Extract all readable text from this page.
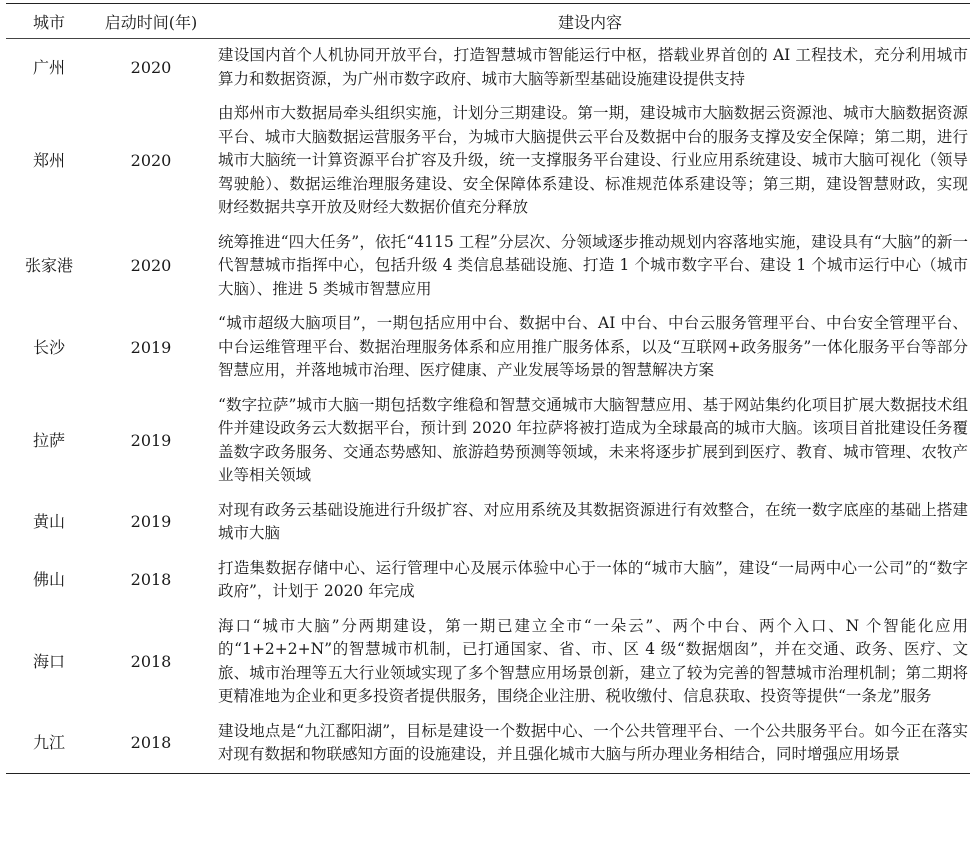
城市	启动时间(年)	建设内容
广州	2020	建设国内首个人机协同开放平台，打造智慧城市智能运行中枢，搭载业界首创的 AI 工程技术，充分利用城市算力和数据资源，为广州市数字政府、城市大脑等新型基础设施建设提供支持
郑州	2020	由郑州市大数据局牵头组织实施，计划分三期建设。第一期，建设城市大脑数据云资源池、城市大脑数据资源平台、城市大脑数据运营服务平台，为城市大脑提供云平台及数据中台的服务支撑及安全保障；第二期，进行城市大脑统一计算资源平台扩容及升级，统一支撑服务平台建设、行业应用系统建设、城市大脑可视化（领导驾驶舱）、数据运维治理服务建设、安全保障体系建设、标准规范体系建设等；第三期，建设智慧财政，实现财经数据共享开放及财经大数据价值充分释放
张家港	2020	统筹推进“四大任务”，依托“4115 工程”分层次、分领域逐步推动规划内容落地实施，建设具有“大脑”的新一代智慧城市指挥中心，包括升级 4 类信息基础设施、打造 1 个城市数字平台、建设 1 个城市运行中心（城市大脑）、推进 5 类城市智慧应用
长沙	2019	“城市超级大脑项目”，一期包括应用中台、数据中台、AI 中台、中台云服务管理平台、中台安全管理平台、中台运维管理平台、数据治理服务体系和应用推广服务体系，以及“互联网+政务服务”一体化服务平台等部分智慧应用，并落地城市治理、医疗健康、产业发展等场景的智慧解决方案
拉萨	2019	“数字拉萨”城市大脑一期包括数字维稳和智慧交通城市大脑智慧应用、基于网站集约化项目扩展大数据技术组件并建设政务云大数据平台，预计到 2020 年拉萨将被打造成为全球最高的城市大脑。该项目首批建设任务覆盖数字政务服务、交通态势感知、旅游趋势预测等领域，未来将逐步扩展到到医疗、教育、城市管理、农牧产业等相关领域
黄山	2019	对现有政务云基础设施进行升级扩容、对应用系统及其数据资源进行有效整合，在统一数字底座的基础上搭建城市大脑
佛山	2018	打造集数据存储中心、运行管理中心及展示体验中心于一体的“城市大脑”，建设“一局两中心一公司”的“数字政府”，计划于 2020 年完成
海口	2018	海口“城市大脑”分两期建设，第一期已建立全市“一朵云”、两个中台、两个入口、N 个智能化应用的“1+2+2+N”的智慧城市机制，已打通国家、省、市、区 4 级“数据烟囱”，并在交通、政务、医疗、文旅、城市治理等五大行业领域实现了多个智慧应用场景创新，建立了较为完善的智慧城市治理机制；第二期将更精准地为企业和更多投资者提供服务，围绕企业注册、税收缴付、信息获取、投资等提供“一条龙”服务
九江	2018	建设地点是“九江鄱阳湖”，目标是建设一个数据中心、一个公共管理平台、一个公共服务平台。如今正在落实对现有数据和物联感知方面的设施建设，并且强化城市大脑与所办理业务相结合，同时增强应用场景
